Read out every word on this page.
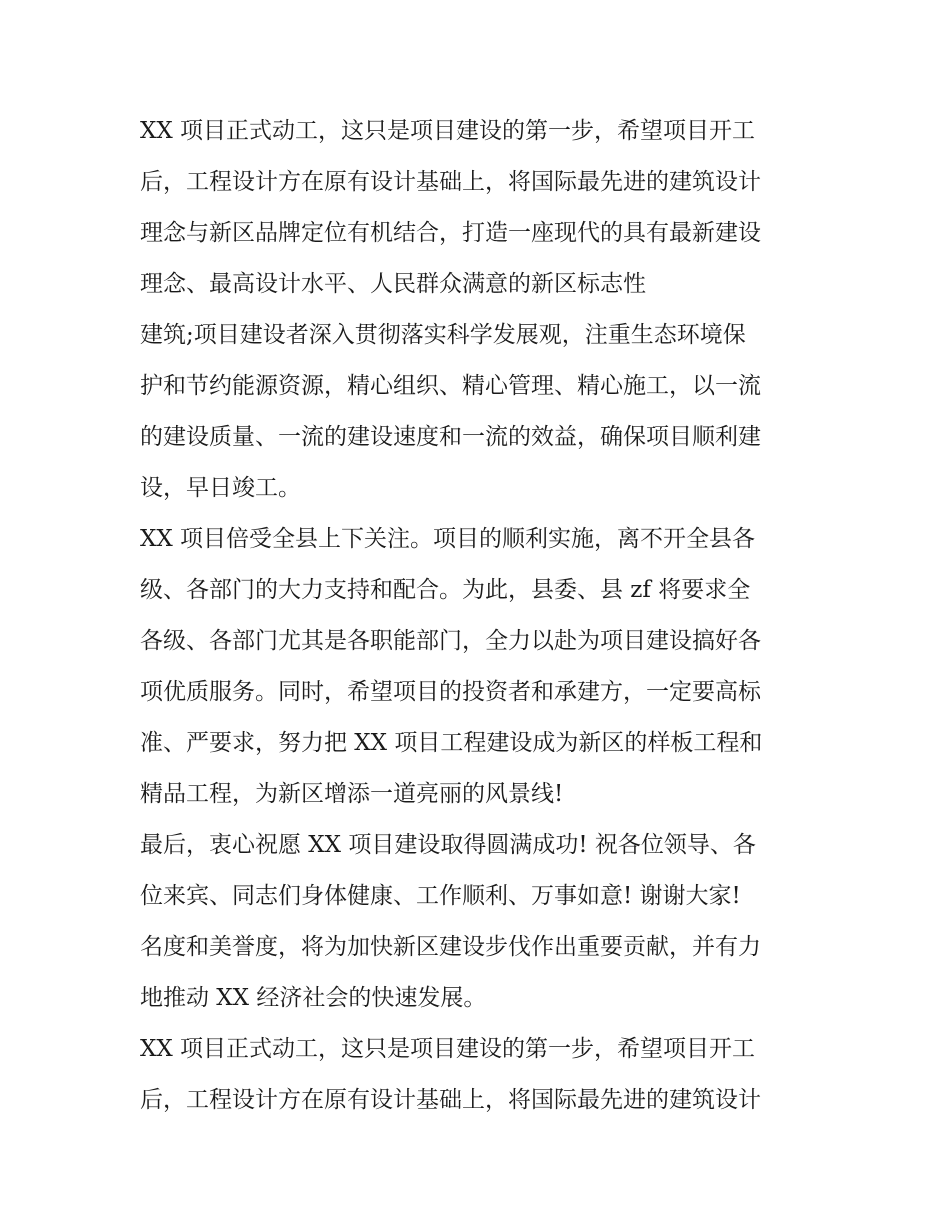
XX 项目正式动工，这只是项目建设的第一步，希望项目开工
后，工程设计方在原有设计基础上，将国际最先进的建筑设计
理念与新区品牌定位有机结合，打造一座现代的具有最新建设
理念、最高设计水平、人民群众满意的新区标志性
建筑;项目建设者深入贯彻落实科学发展观，注重生态环境保
护和节约能源资源，精心组织、精心管理、精心施工，以一流
的建设质量、一流的建设速度和一流的效益，确保项目顺利建
设，早日竣工。
XX 项目倍受全县上下关注。项目的顺利实施，离不开全县各
级、各部门的大力支持和配合。为此，县委、县 zf 将要求全
各级、各部门尤其是各职能部门，全力以赴为项目建设搞好各
项优质服务。同时，希望项目的投资者和承建方，一定要高标
准、严要求，努力把 XX 项目工程建设成为新区的样板工程和
精品工程，为新区增添一道亮丽的风景线!
最后，衷心祝愿 XX 项目建设取得圆满成功! 祝各位领导、各
位来宾、同志们身体健康、工作顺利、万事如意! 谢谢大家!
名度和美誉度，将为加快新区建设步伐作出重要贡献，并有力
地推动 XX 经济社会的快速发展。
XX 项目正式动工，这只是项目建设的第一步，希望项目开工
后，工程设计方在原有设计基础上，将国际最先进的建筑设计
